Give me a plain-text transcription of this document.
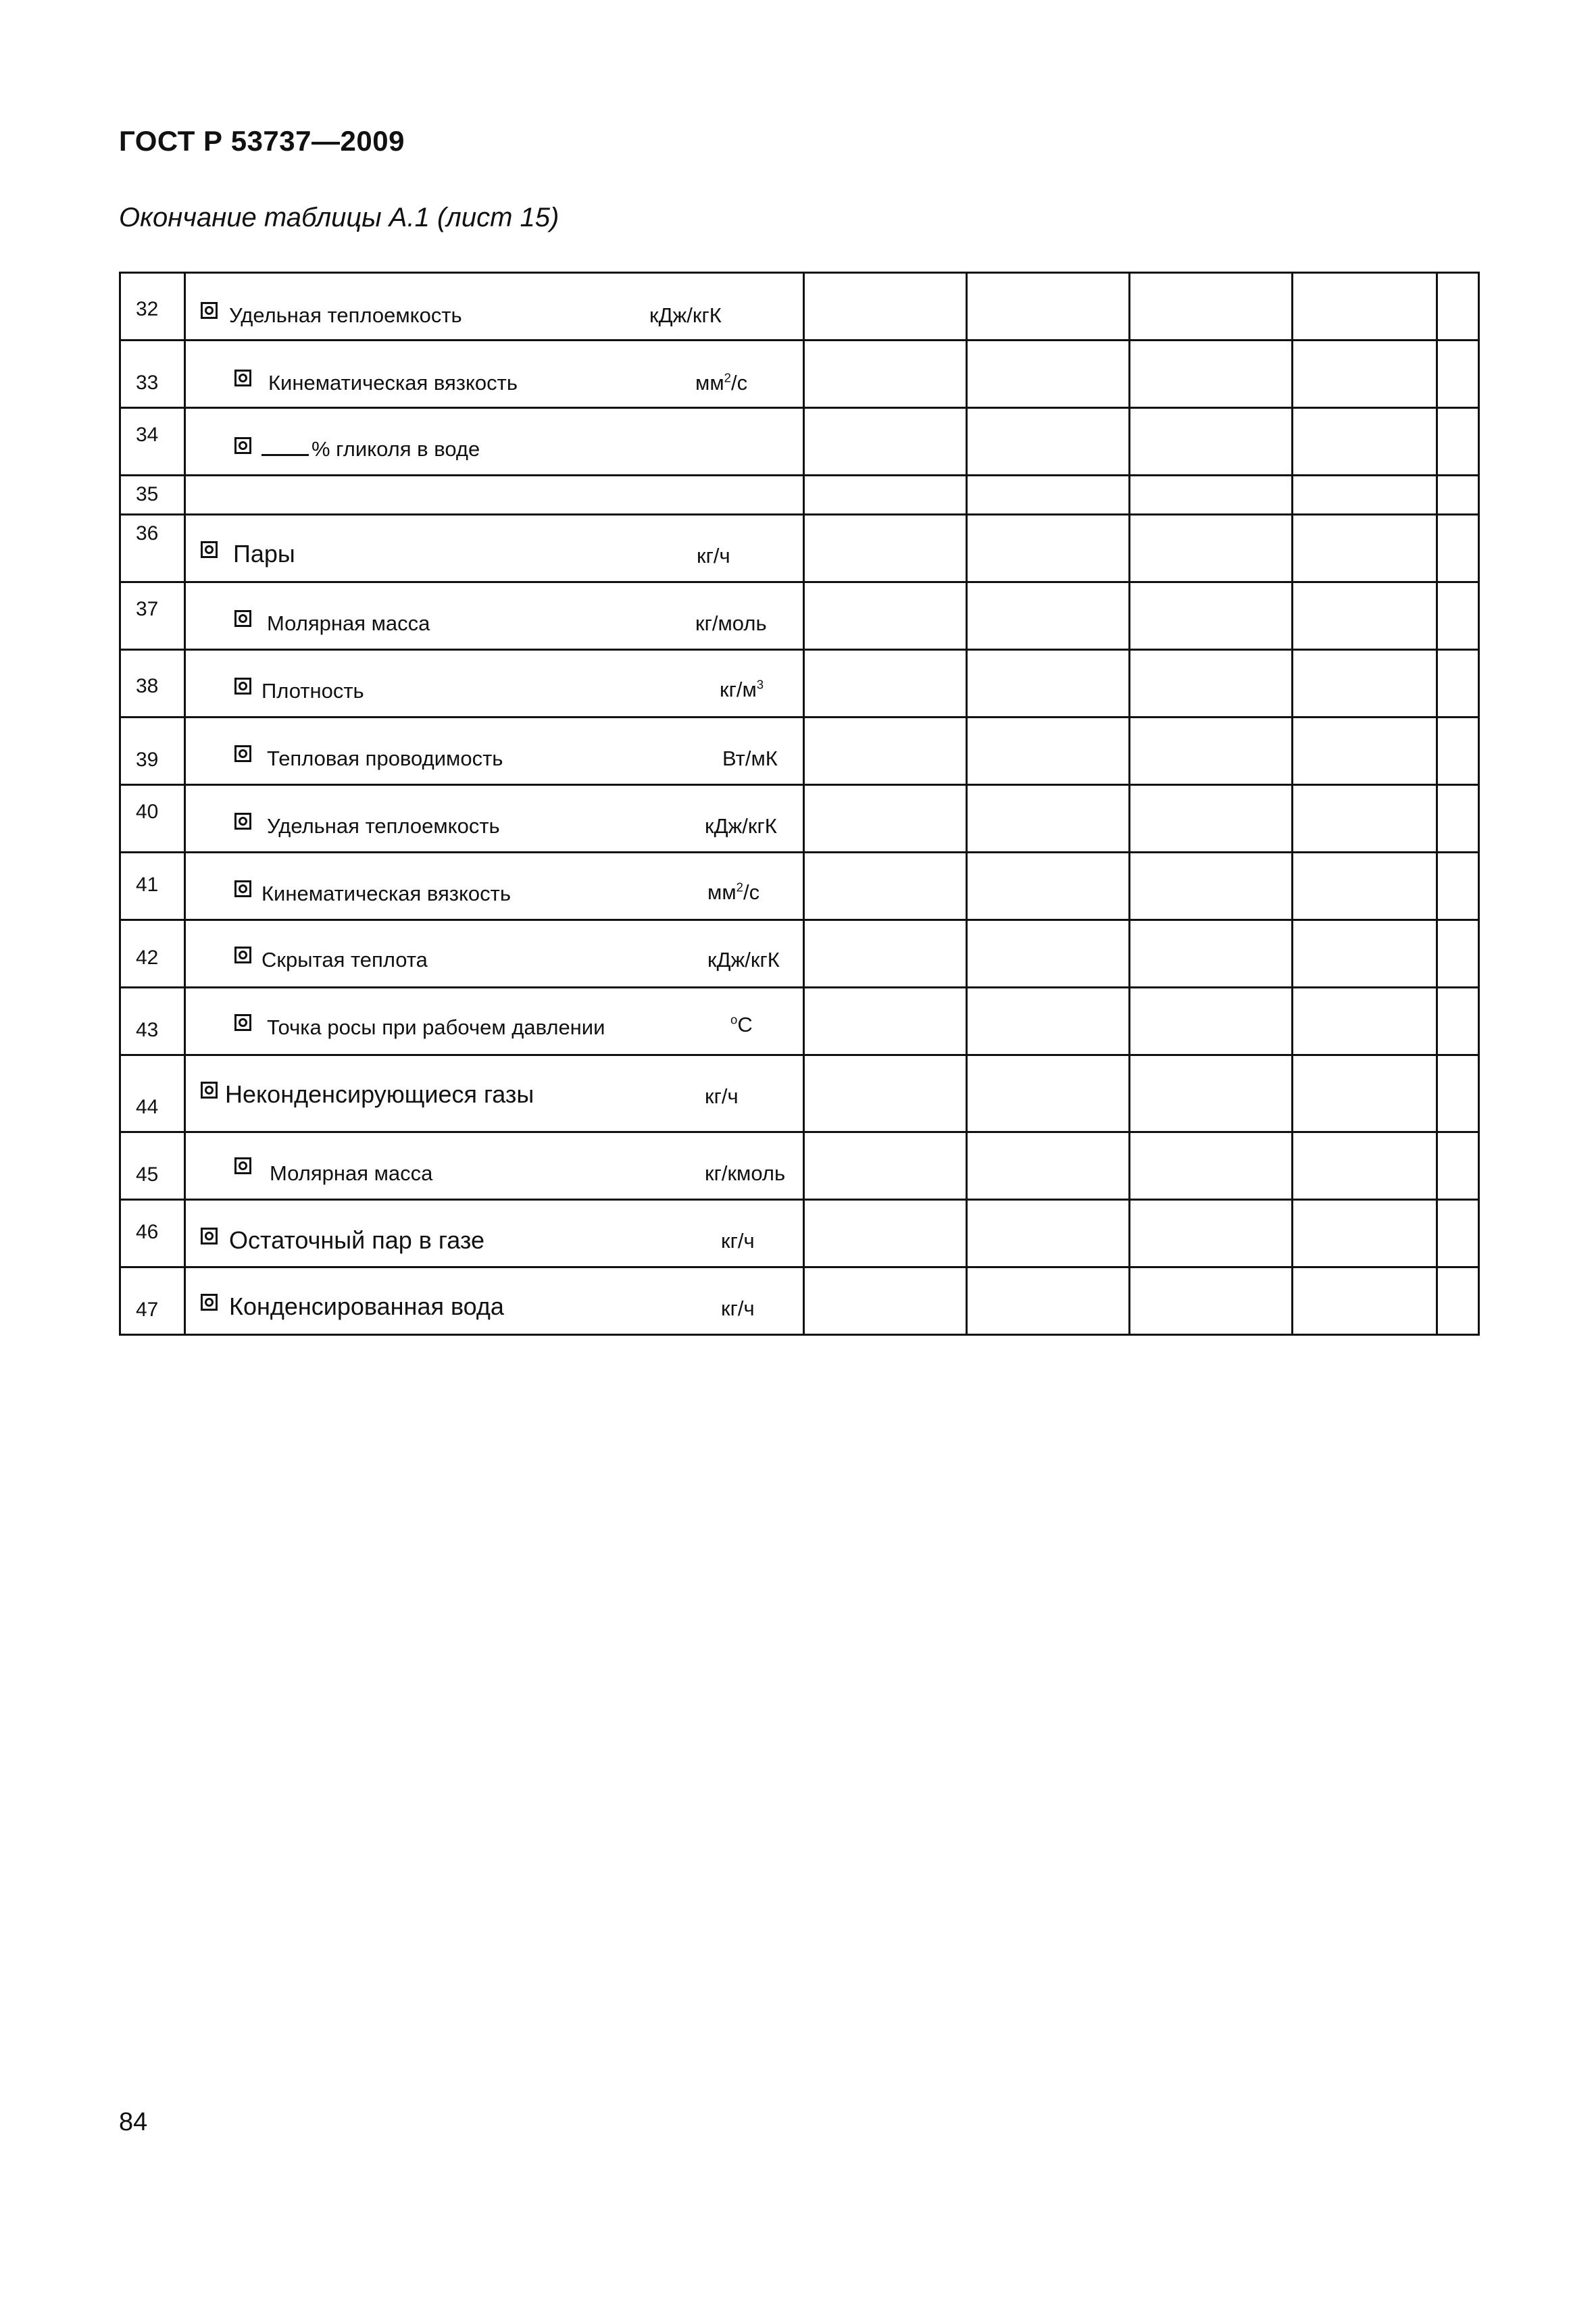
ГОСТ Р 53737—2009
Окончание таблицы А.1 (лист 15)
32	Удельная теплоемкость кДж/кгК					

33	Кинематическая вязкость $мм^2/с$					

34	% гликоля в воде					

35						

36	Пары кг/ч					

37	Молярная масса кг/моль					

38	Плотность $кг/м^3$

39	Тепловая проводимость Вт/мК					

40	Удельная теплоемкость кДж/кгК					

41	Кинематическая вязкость $мм^2/с$					

42	Скрытая теплота кДж/кгК					

43	Точка росы при рабочем давлении $^о$С					

44	Неконденсирующиеся газы кг/ч					

45	Молярная масса кг/кмоль					

46	Остаточный пар в газе кг/ч					

47	Конденсированная вода кг/ч					

84
